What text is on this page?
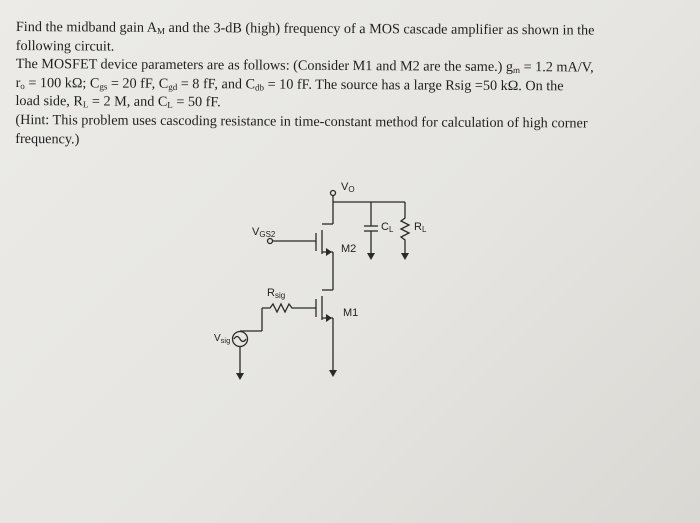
Find the midband gain $A_M$ and the 3-dB (high) frequency of a MOS cascade amplifier as shown in the

following circuit.

The MOSFET device parameters are as follows: (Consider M1 and M2 are the same.) $g_m = 1.2$ mA/V,

$r_o = 100$ kΩ; $C_{gs} = 20$ fF, $C_{gd} = 8$ fF, and $C_{db} = 10$ fF. The source has a large Rsig =50 kΩ. On the

load side, $R_L = 2$ M, and $C_L = 50$ fF.

(Hint: This problem uses cascoding resistance in time-constant method for calculation of high corner

frequency.)

VO
VGS2
M2
M1
Rsig
$V_{sig}$
CL RL
